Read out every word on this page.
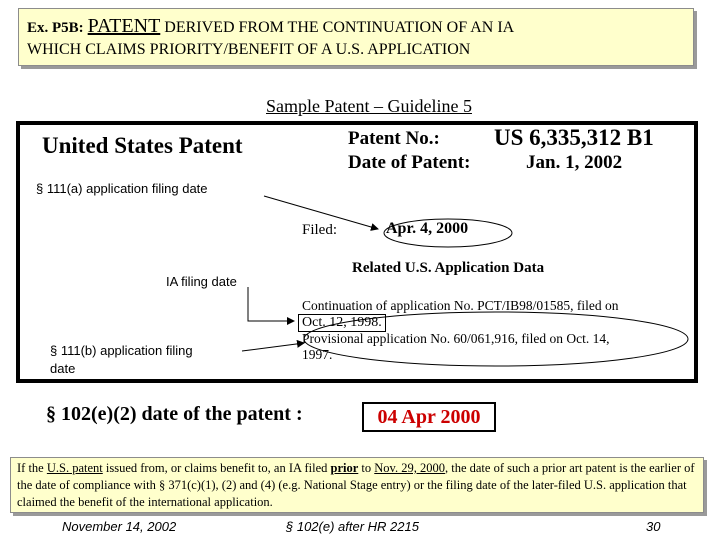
Ex. P5B: PATENT DERIVED FROM THE CONTINUATION OF AN IA
WHICH CLAIMS PRIORITY/BENEFIT OF A U.S. APPLICATION
Sample Patent – Guideline 5
United States Patent	Patent No.: US 6,335,312 B1
Date of Patent:	Jan. 1, 2002
Filed:	Apr. 4, 2000
Related U.S. Application Data
Continuation of application No. PCT/IB98/01585, filed on
Oct. 12, 1998.
Provisional application No. 60/061,916, filed on Oct. 14,
1997.
§ 111(a) application filing date
IA filing date
§ 111(b) application filing
date
§ 102(e)(2) date of the patent :	04 Apr 2000
If the U.S. patent issued from, or claims benefit to, an IA filed prior to Nov. 29, 2000, the date of such a prior art patent is the earlier of the date of compliance with § 371(c)(1), (2) and (4) (e.g. National Stage entry) or the filing date of the later-filed U.S. application that claimed the benefit of the international application.
November 14, 2002	§ 102(e) after HR 2215	30
